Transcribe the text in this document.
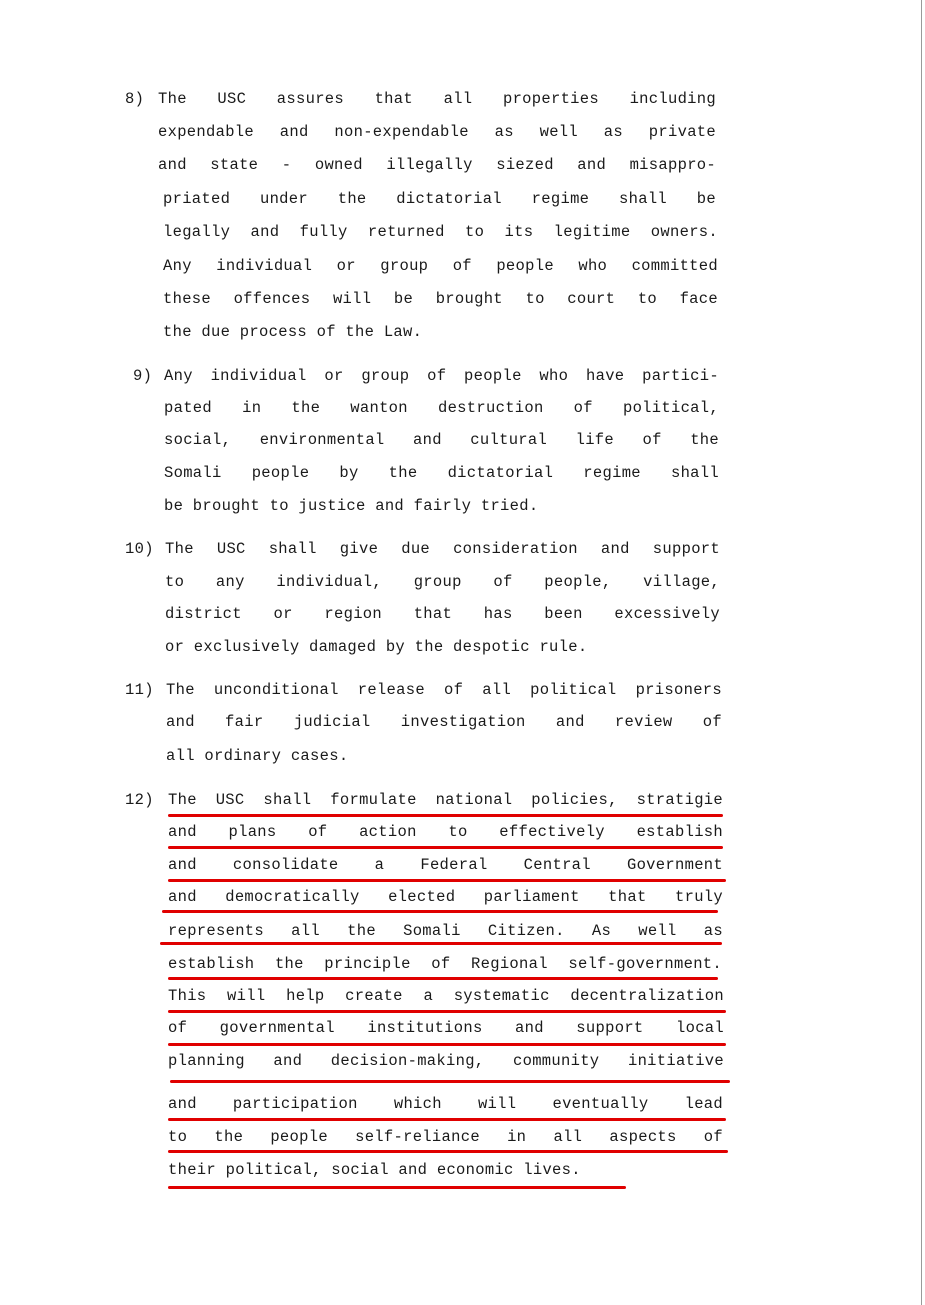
8) The USC assures that all properties including
expendable and non-expendable as well as private
and state - owned illegally siezed and misappro-
priated under the dictatorial regime shall be
legally and fully returned to its legitime owners.
Any individual or group of people who committed
these offences will be brought to court to face
the due process of the Law.
9) Any individual or group of people who have partici-
pated in the wanton destruction of political,
social, environmental and cultural life of the
Somali people by the dictatorial regime shall
be brought to justice and fairly tried.
10) The USC shall give due consideration and support
to any individual, group of people, village,
district or region that has been excessively
or exclusively damaged by the despotic rule.
11) The unconditional release of all political prisoners
and fair judicial investigation and review of
all ordinary cases.
12) The USC shall formulate national policies, stratigie
and plans of action to effectively establish
and consolidate a Federal Central Government
and democratically elected parliament that truly
represents all the Somali Citizen. As well as
establish the principle of Regional self-government.
This will help create a systematic decentralization
of governmental institutions and support local
planning and decision-making, community initiative
and participation which will eventually lead
to the people self-reliance in all aspects of
their political, social and economic lives.
